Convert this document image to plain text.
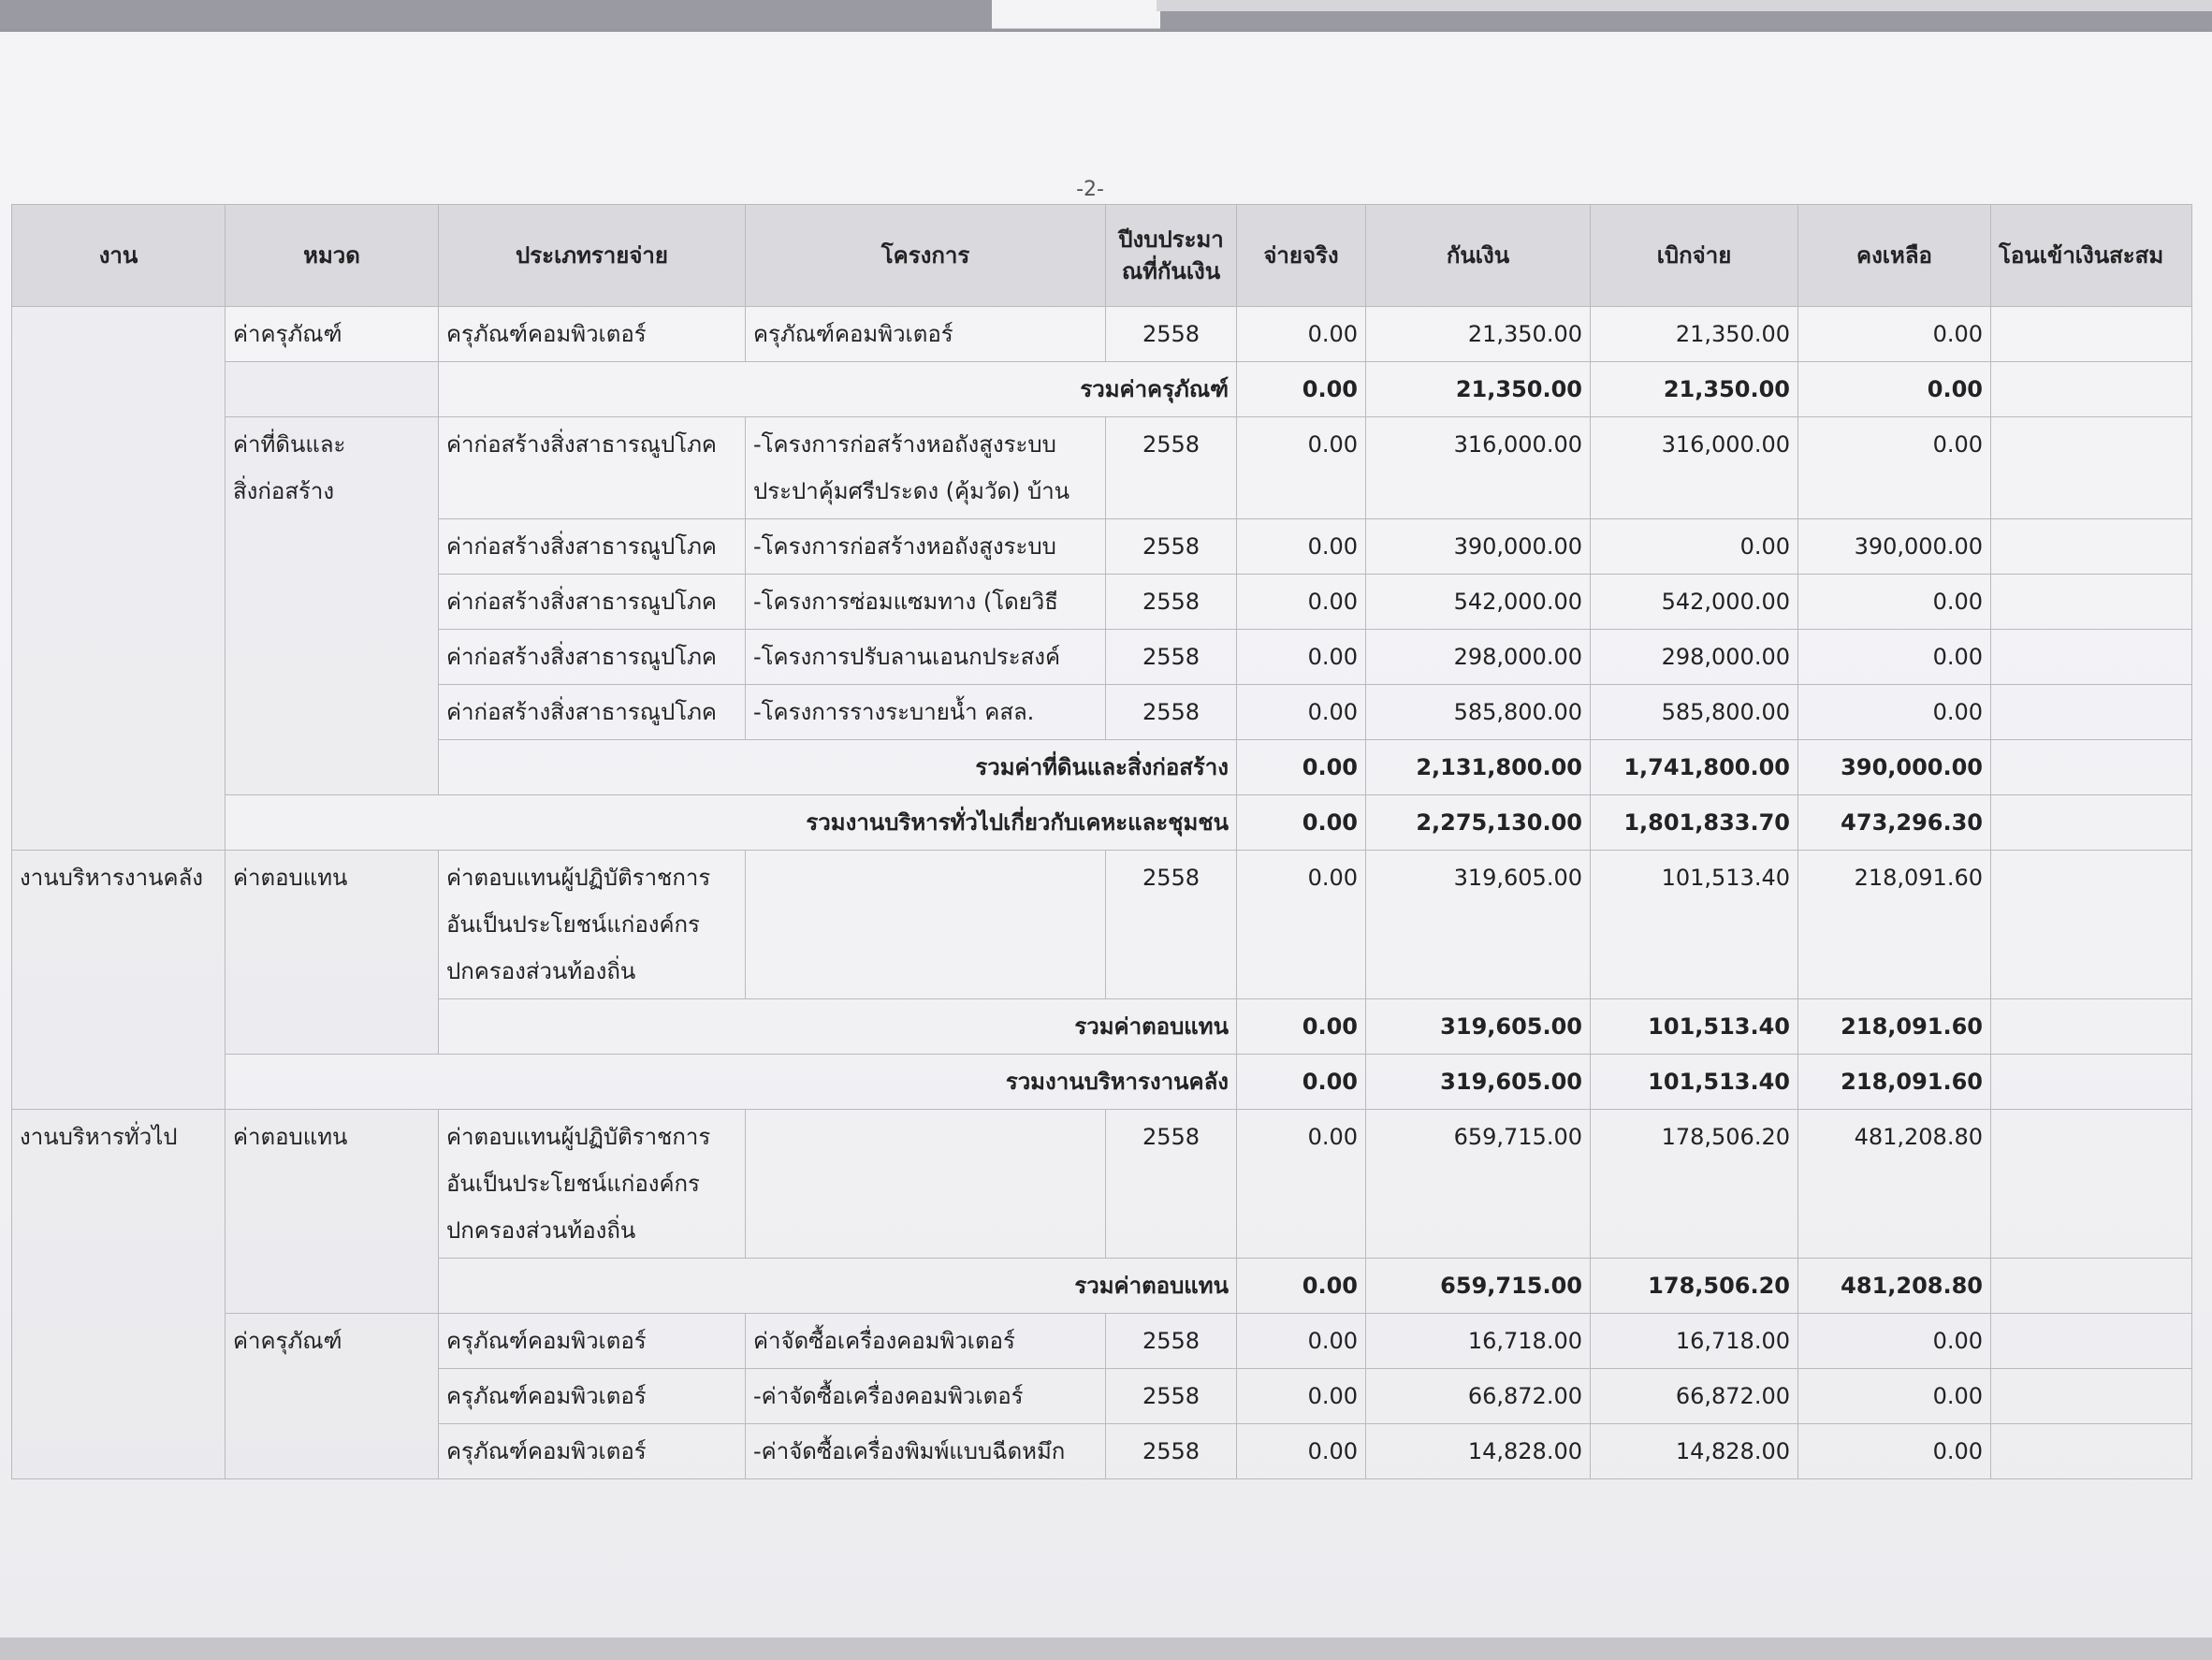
-2-
งาน	หมวด	ประเภทรายจ่าย	โครงการ	ปีงบประมา
ณที่กันเงิน	จ่ายจริง	กันเงิน	เบิกจ่าย	คงเหลือ	โอนเข้าเงินสะสม
	ค่าครุภัณฑ์	ครุภัณฑ์คอมพิวเตอร์	ครุภัณฑ์คอมพิวเตอร์	2558	0.00	21,350.00	21,350.00	0.00	
		รวมค่าครุภัณฑ์			0.00	21,350.00	21,350.00	0.00	
	ค่าที่ดินและ
สิ่งก่อสร้าง	ค่าก่อสร้างสิ่งสาธารณูปโภค	-โครงการก่อสร้างหอถังสูงระบบ
ประปาคุ้มศรีประดง (คุ้มวัด) บ้าน	2558	0.00	316,000.00	316,000.00	0.00	
		ค่าก่อสร้างสิ่งสาธารณูปโภค	-โครงการก่อสร้างหอถังสูงระบบ	2558	0.00	390,000.00	0.00	390,000.00	
		ค่าก่อสร้างสิ่งสาธารณูปโภค	-โครงการซ่อมแซมทาง (โดยวิธี	2558	0.00	542,000.00	542,000.00	0.00	
		ค่าก่อสร้างสิ่งสาธารณูปโภค	-โครงการปรับลานเอนกประสงค์	2558	0.00	298,000.00	298,000.00	0.00	
		ค่าก่อสร้างสิ่งสาธารณูปโภค	-โครงการรางระบายน้ำ คสล.	2558	0.00	585,800.00	585,800.00	0.00	
		รวมค่าที่ดินและสิ่งก่อสร้าง			0.00	2,131,800.00	1,741,800.00	390,000.00	
	รวมงานบริหารทั่วไปเกี่ยวกับเคหะและชุมชน				0.00	2,275,130.00	1,801,833.70	473,296.30	
งานบริหารงานคลัง	ค่าตอบแทน	ค่าตอบแทนผู้ปฏิบัติราชการ
อันเป็นประโยชน์แก่องค์กร
ปกครองส่วนท้องถิ่น		2558	0.00	319,605.00	101,513.40	218,091.60	
		รวมค่าตอบแทน			0.00	319,605.00	101,513.40	218,091.60	
	รวมงานบริหารงานคลัง				0.00	319,605.00	101,513.40	218,091.60	
งานบริหารทั่วไป	ค่าตอบแทน	ค่าตอบแทนผู้ปฏิบัติราชการ
อันเป็นประโยชน์แก่องค์กร
ปกครองส่วนท้องถิ่น		2558	0.00	659,715.00	178,506.20	481,208.80	
		รวมค่าตอบแทน			0.00	659,715.00	178,506.20	481,208.80	
	ค่าครุภัณฑ์	ครุภัณฑ์คอมพิวเตอร์	ค่าจัดซื้อเครื่องคอมพิวเตอร์	2558	0.00	16,718.00	16,718.00	0.00	
		ครุภัณฑ์คอมพิวเตอร์	-ค่าจัดซื้อเครื่องคอมพิวเตอร์	2558	0.00	66,872.00	66,872.00	0.00	
		ครุภัณฑ์คอมพิวเตอร์	-ค่าจัดซื้อเครื่องพิมพ์แบบฉีดหมึก	2558	0.00	14,828.00	14,828.00	0.00	
